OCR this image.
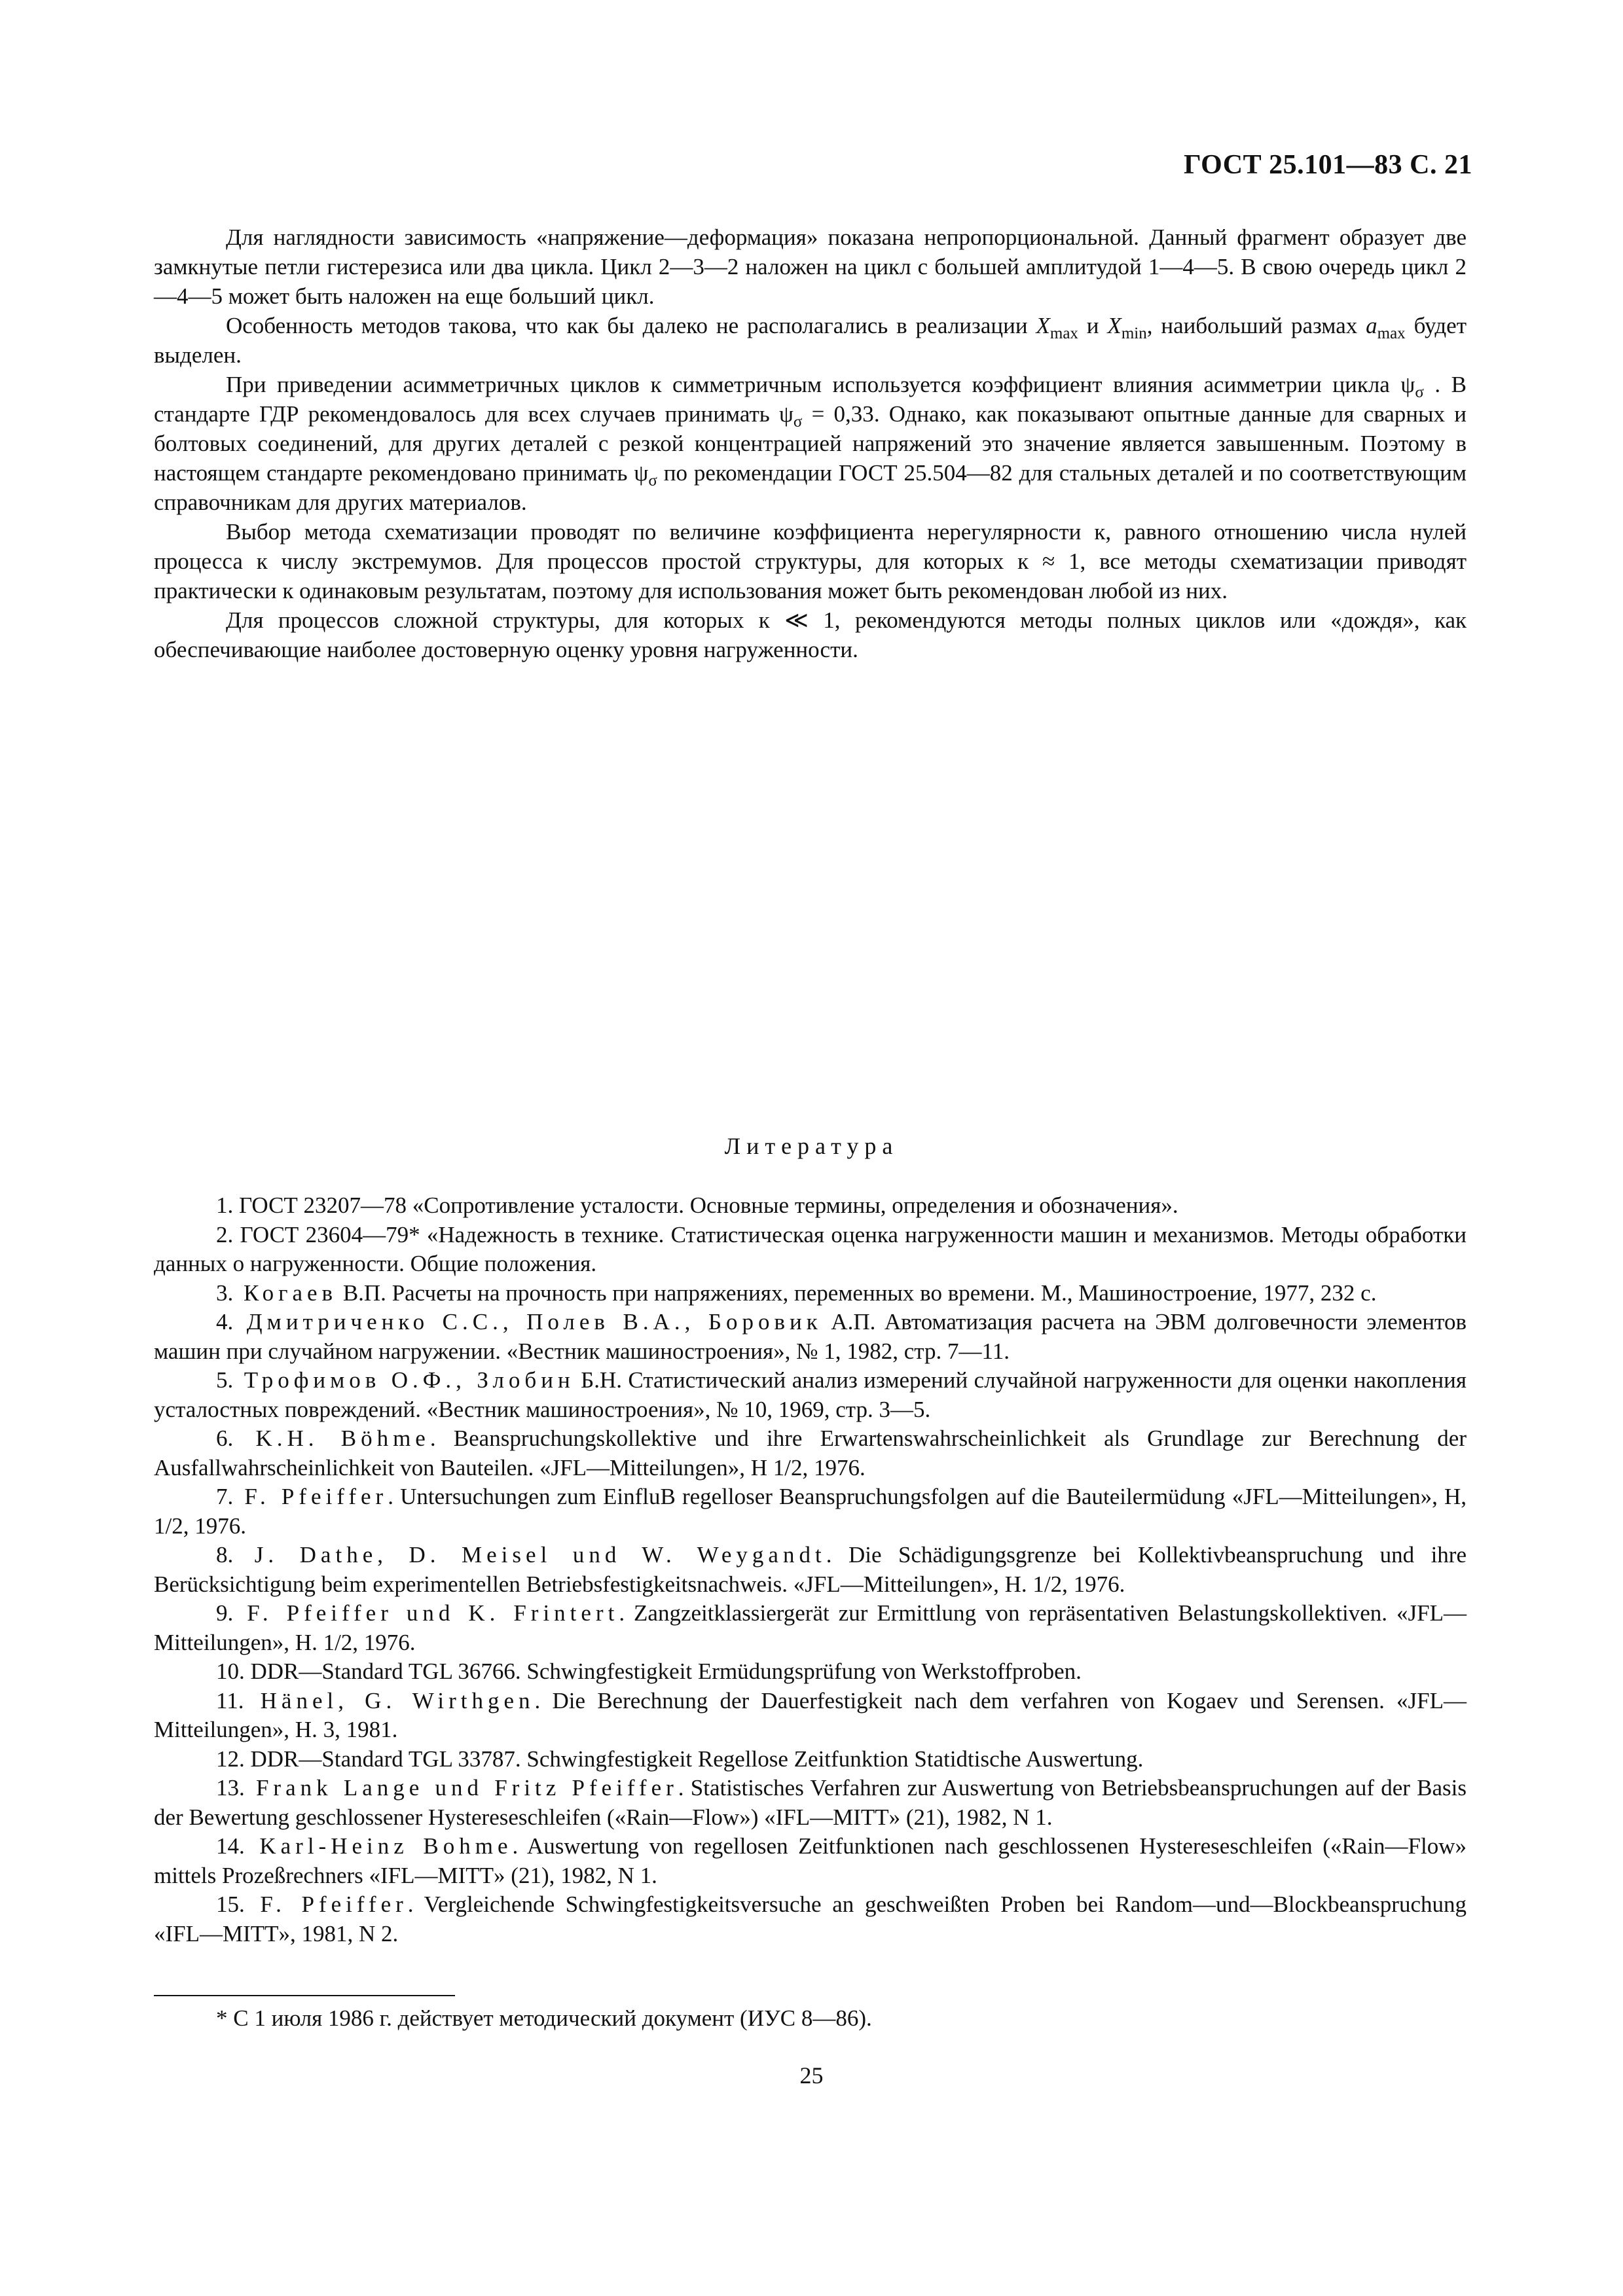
ГОСТ 25.101—83 С. 21

Для наглядности зависимость «напряжение—деформация» показана непропорциональной. Данный фрагмент образует две замкнутые петли гистерезиса или два цикла. Цикл 2—3—2 наложен на цикл с большей амплитудой 1—4—5. В свою очередь цикл 2—4—5 может быть наложен на еще больший цикл.

Особенность методов такова, что как бы далеко не располагались в реализации $X_{max}$ и $X_{min}$, наибольший размах $a_{max}$ будет выделен.

При приведении асимметричных циклов к симметричным используется коэффициент влияния асимметрии цикла $\psi_\sigma$ . В стандарте ГДР рекомендовалось для всех случаев принимать $\psi_\sigma = 0,33$. Однако, как показывают опытные данные для сварных и болтовых соединений, для других деталей с резкой концентрацией напряжений это значение является завышенным. Поэтому в настоящем стандарте рекомендовано принимать $\psi_\sigma$ по рекомендации ГОСТ 25.504—82 для стальных деталей и по соответствующим справочникам для других материалов.

Выбор метода схематизации проводят по величине коэффициента нерегулярности к, равного отношению числа нулей процесса к числу экстремумов. Для процессов простой структуры, для которых к ≈ 1, все методы схематизации приводят практически к одинаковым результатам, поэтому для использования может быть рекомендован любой из них.

Для процессов сложной структуры, для которых к ≪ 1, рекомендуются методы полных циклов или «дождя», как обеспечивающие наиболее достоверную оценку уровня нагруженности.

Литература

1. ГОСТ 23207—78 «Сопротивление усталости. Основные термины, определения и обозначения».

2. ГОСТ 23604—79* «Надежность в технике. Статистическая оценка нагруженности машин и механизмов. Методы обработки данных о нагруженности. Общие положения.

3. Когаев В.П. Расчеты на прочность при напряжениях, переменных во времени. М., Машиностроение, 1977, 232 с.

4. Дмитриченко С.С., Полев В.А., Боровик А.П. Автоматизация расчета на ЭВМ долговечности элементов машин при случайном нагружении. «Вестник машиностроения», № 1, 1982, стр. 7—11.

5. Трофимов О.Ф., Злобин Б.Н. Статистический анализ измерений случайной нагруженности для оценки накопления усталостных повреждений. «Вестник машиностроения», № 10, 1969, стр. 3—5.

6. K.H. Böhme. Beanspruchungskollektive und ihre Erwartenswahrscheinlichkeit als Grundlage zur Berechnung der Ausfallwahrscheinlichkeit von Bauteilen. «JFL—Mitteilungen», H 1/2, 1976.

7. F. Pfeiffer. Untersuchungen zum EinfluB regelloser Beanspruchungsfolgen auf die Bauteilermüdung «JFL—Mitteilungen», H, 1/2, 1976.

8. J. Dathe, D. Meisel und W. Weygandt. Die Schädigungsgrenze bei Kollektivbeanspruchung und ihre Berücksichtigung beim experimentellen Betriebsfestigkeitsnachweis. «JFL—Mitteilungen», H. 1/2, 1976.

9. F. Pfeiffer und K. Frintert. Zangzeitklassiergerät zur Ermittlung von repräsentativen Belastungskollektiven. «JFL—Mitteilungen», H. 1/2, 1976.

10. DDR—Standard TGL 36766. Schwingfestigkeit Ermüdungsprüfung von Werkstoffproben.

11. Hänel, G. Wirthgen. Die Berechnung der Dauerfestigkeit nach dem verfahren von Kogaev und Serensen. «JFL—Mitteilungen», H. 3, 1981.

12. DDR—Standard TGL 33787. Schwingfestigkeit Regellose Zeitfunktion Statidtische Auswertung.

13. Frank Lange und Fritz Pfeiffer. Statistisches Verfahren zur Auswertung von Betriebsbeanspruchungen auf der Basis der Bewertung geschlossener Hystereseschleifen («Rain—Flow») «IFL—MITT» (21), 1982, N 1.

14. Karl-Heinz Bohme. Auswertung von regellosen Zeitfunktionen nach geschlossenen Hystereseschleifen («Rain—Flow» mittels Prozeßrechners «IFL—MITT» (21), 1982, N 1.

15. F. Pfeiffer. Vergleichende Schwingfestigkeitsversuche an geschweißten Proben bei Random—und—Blockbeanspruchung «IFL—MITT», 1981, N 2.

* С 1 июля 1986 г. действует методический документ (ИУС 8—86).
25
